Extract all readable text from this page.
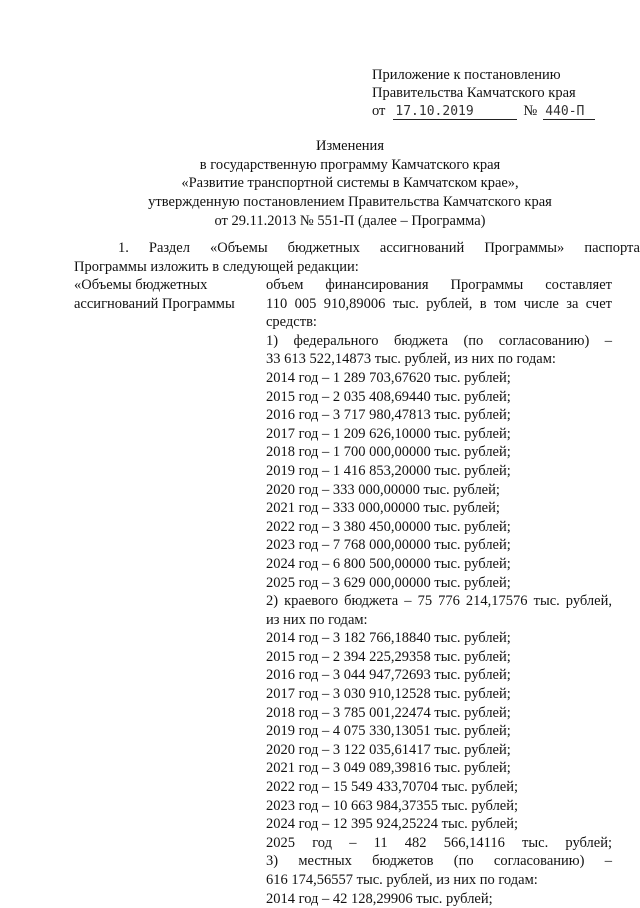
Приложение к постановлению
Правительства Камчатского края
от 17.10.2019	№ 440-П
Изменения
в государственную программу Камчатского края
«Развитие транспортной системы в Камчатском крае»,
утвержденную постановлением Правительства Камчатского края
от 29.11.2013 № 551-П (далее – Программа)
1. Раздел «Объемы бюджетных ассигнований Программы» паспорта
Программы изложить в следующей редакции:
«Объемы бюджетных
ассигнований Программы
объем финансирования Программы составляет
110 005 910,89006 тыс. рублей, в том числе за счет
средств:
1) федерального бюджета (по согласованию) –
33 613 522,14873 тыс. рублей, из них по годам:
2014 год – 1 289 703,67620 тыс. рублей;
2015 год – 2 035 408,69440 тыс. рублей;
2016 год – 3 717 980,47813 тыс. рублей;
2017 год – 1 209 626,10000 тыс. рублей;
2018 год – 1 700 000,00000 тыс. рублей;
2019 год – 1 416 853,20000 тыс. рублей;
2020 год – 333 000,00000 тыс. рублей;
2021 год – 333 000,00000 тыс. рублей;
2022 год – 3 380 450,00000 тыс. рублей;
2023 год – 7 768 000,00000 тыс. рублей;
2024 год – 6 800 500,00000 тыс. рублей;
2025 год – 3 629 000,00000 тыс. рублей;
2) краевого бюджета – 75 776 214,17576 тыс. рублей,
из них по годам:
2014 год – 3 182 766,18840 тыс. рублей;
2015 год – 2 394 225,29358 тыс. рублей;
2016 год – 3 044 947,72693 тыс. рублей;
2017 год – 3 030 910,12528 тыс. рублей;
2018 год – 3 785 001,22474 тыс. рублей;
2019 год – 4 075 330,13051 тыс. рублей;
2020 год – 3 122 035,61417 тыс. рублей;
2021 год – 3 049 089,39816 тыс. рублей;
2022 год – 15 549 433,70704 тыс. рублей;
2023 год – 10 663 984,37355 тыс. рублей;
2024 год – 12 395 924,25224 тыс. рублей;
2025 год – 11 482 566,14116 тыс. рублей;
3) местных бюджетов (по согласованию) –
616 174,56557 тыс. рублей, из них по годам:
2014 год – 42 128,29906 тыс. рублей;
